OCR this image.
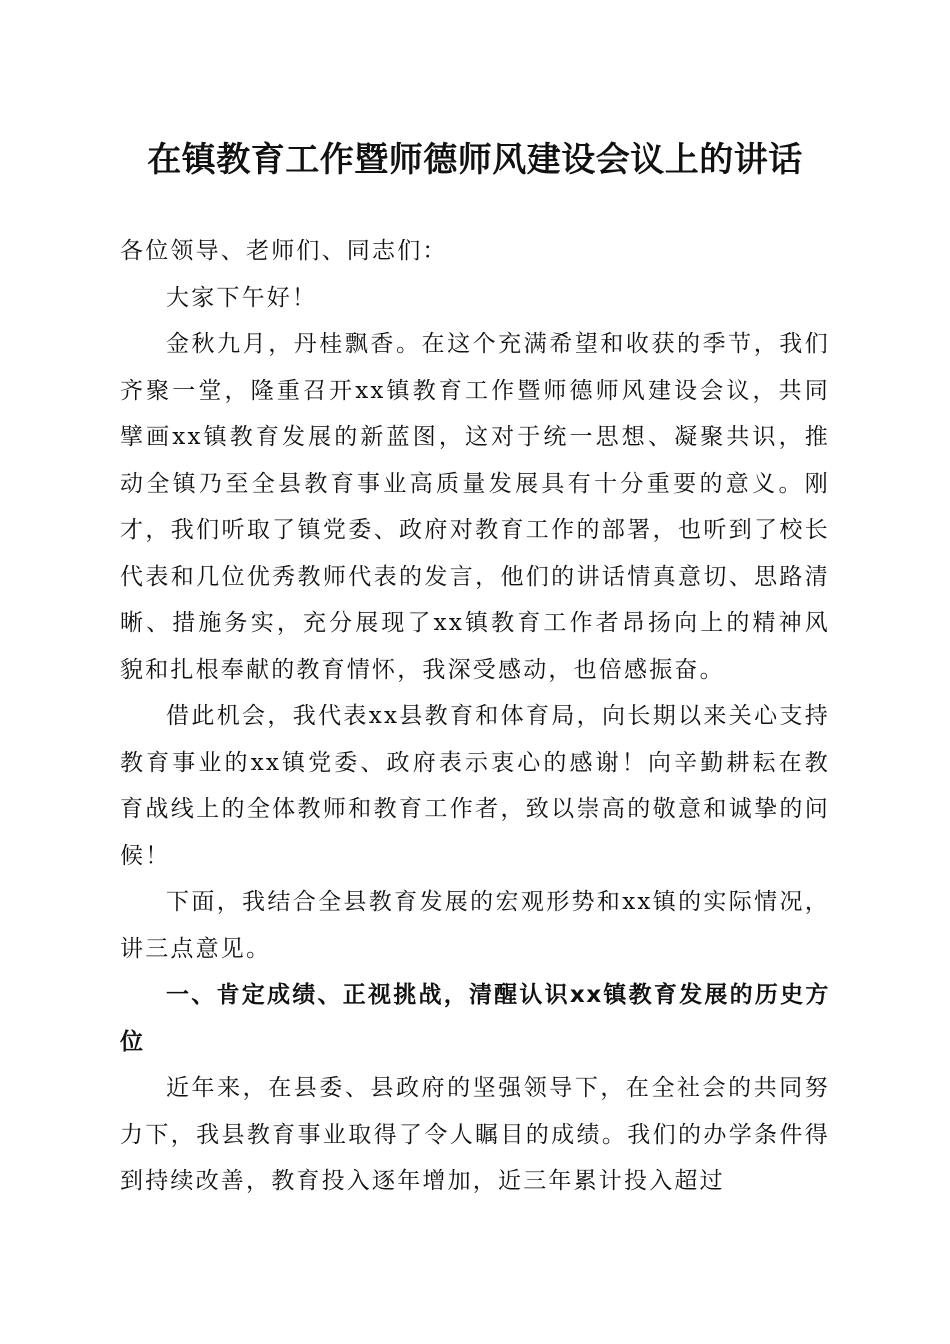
在镇教育工作暨师德师风建设会议上的讲话

各位领导、老师们、同志们：

大家下午好！

金秋九月，丹桂飘香。在这个充满希望和收获的季节，我们齐聚一堂，隆重召开xx镇教育工作暨师德师风建设会议，共同擘画xx镇教育发展的新蓝图，这对于统一思想、凝聚共识，推动全镇乃至全县教育事业高质量发展具有十分重要的意义。刚才，我们听取了镇党委、政府对教育工作的部署，也听到了校长代表和几位优秀教师代表的发言，他们的讲话情真意切、思路清晰、措施务实，充分展现了xx镇教育工作者昂扬向上的精神风貌和扎根奉献的教育情怀，我深受感动，也倍感振奋。

借此机会，我代表xx县教育和体育局，向长期以来关心支持教育事业的xx镇党委、政府表示衷心的感谢！向辛勤耕耘在教育战线上的全体教师和教育工作者，致以崇高的敬意和诚挚的问候！

下面，我结合全县教育发展的宏观形势和xx镇的实际情况，讲三点意见。

一、肯定成绩、正视挑战，清醒认识xx镇教育发展的历史方位

近年来，在县委、县政府的坚强领导下，在全社会的共同努力下，我县教育事业取得了令人瞩目的成绩。我们的办学条件得到持续改善，教育投入逐年增加，近三年累计投入超过
